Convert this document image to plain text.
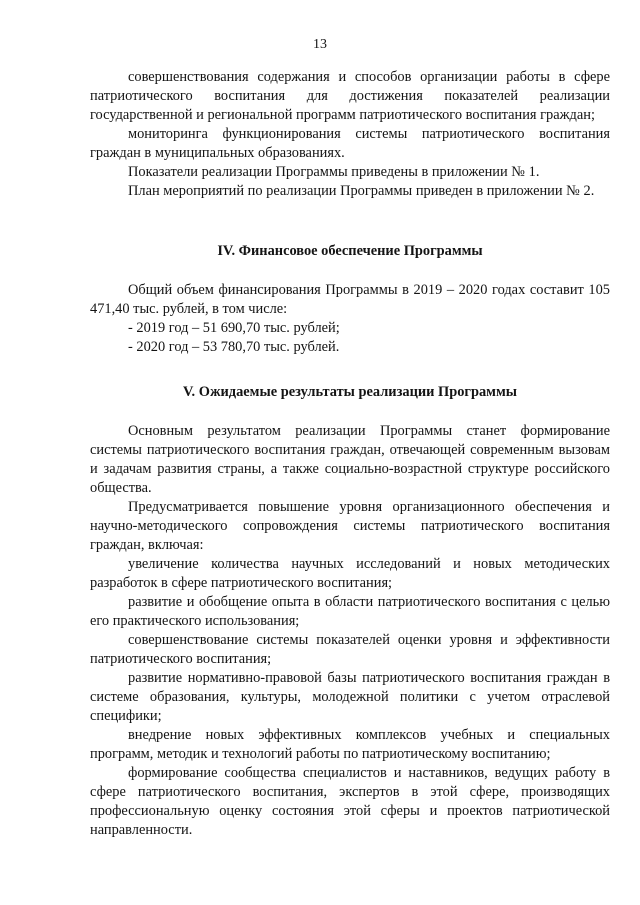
13

совершенствования содержания и способов организации работы в сфере патриотического воспитания для достижения показателей реализации государственной и региональной программ патриотического воспитания граждан;

мониторинга функционирования системы патриотического воспитания граждан в муниципальных образованиях.

Показатели реализации Программы приведены в приложении № 1.

План мероприятий по реализации Программы приведен в приложении № 2.

IV. Финансовое обеспечение Программы

Общий объем финансирования Программы в 2019 – 2020 годах составит 105 471,40 тыс. рублей, в том числе:

- 2019 год – 51 690,70 тыс. рублей;
- 2020 год – 53 780,70 тыс. рублей.
V. Ожидаемые результаты реализации Программы

Основным результатом реализации Программы станет формирование системы патриотического воспитания граждан, отвечающей современным вызовам и задачам развития страны, а также социально-возрастной структуре российского общества.

Предусматривается повышение уровня организационного обеспечения и научно-методического сопровождения системы патриотического воспитания граждан, включая:

увеличение количества научных исследований и новых методических разработок в сфере патриотического воспитания;

развитие и обобщение опыта в области патриотического воспитания с целью его практического использования;

совершенствование системы показателей оценки уровня и эффективности патриотического воспитания;

развитие нормативно-правовой базы патриотического воспитания граждан в системе образования, культуры, молодежной политики с учетом отраслевой специфики;

внедрение новых эффективных комплексов учебных и специальных программ, методик и технологий работы по патриотическому воспитанию;

формирование сообщества специалистов и наставников, ведущих работу в сфере патриотического воспитания, экспертов в этой сфере, производящих профессиональную оценку состояния этой сферы и проектов патриотической направленности.
